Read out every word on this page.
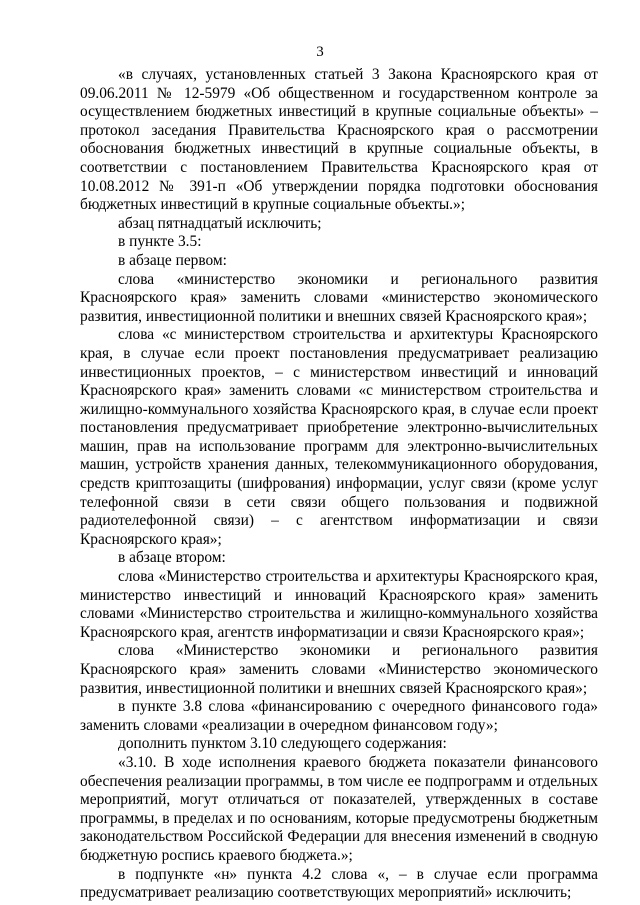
3

«в случаях, установленных статьей 3 Закона Красноярского края от 09.06.2011 № 12-5979 «Об общественном и государственном контроле за осуществлением бюджетных инвестиций в крупные социальные объекты» – протокол заседания Правительства Красноярского края о рассмотрении обоснования бюджетных инвестиций в крупные социальные объекты, в соответствии с постановлением Правительства Красноярского края от 10.08.2012 № 391-п «Об утверждении порядка подготовки обоснования бюджетных инвестиций в крупные социальные объекты.»;

абзац пятнадцатый исключить;

в пункте 3.5:

в абзаце первом:

слова «министерство экономики и регионального развития Красноярского края» заменить словами «министерство экономического развития, инвестиционной политики и внешних связей Красноярского края»;

слова «с министерством строительства и архитектуры Красноярского края, в случае если проект постановления предусматривает реализацию инвестиционных проектов, – с министерством инвестиций и инноваций Красноярского края» заменить словами «с министерством строительства и жилищно-коммунального хозяйства Красноярского края, в случае если проект постановления предусматривает приобретение электронно-вычислительных машин, прав на использование программ для электронно-вычислительных машин, устройств хранения данных, телекоммуникационного оборудования, средств криптозащиты (шифрования) информации, услуг связи (кроме услуг телефонной связи в сети связи общего пользования и подвижной радиотелефонной связи) – с агентством информатизации и связи Красноярского края»;

в абзаце втором:

слова «Министерство строительства и архитектуры Красноярского края, министерство инвестиций и инноваций Красноярского края» заменить словами «Министерство строительства и жилищно-коммунального хозяйства Красноярского края, агентств информатизации и связи Красноярского края»;

слова «Министерство экономики и регионального развития Красноярского края» заменить словами «Министерство экономического развития, инвестиционной политики и внешних связей Красноярского края»;

в пункте 3.8 слова «финансированию с очередного финансового года» заменить словами «реализации в очередном финансовом году»;

дополнить пунктом 3.10 следующего содержания:

«3.10. В ходе исполнения краевого бюджета показатели финансового обеспечения реализации программы, в том числе ее подпрограмм и отдельных мероприятий, могут отличаться от показателей, утвержденных в составе программы, в пределах и по основаниям, которые предусмотрены бюджетным законодательством Российской Федерации для внесения изменений в сводную бюджетную роспись краевого бюджета.»;

в подпункте «н» пункта 4.2 слова «, – в случае если программа предусматривает реализацию соответствующих мероприятий» исключить;
